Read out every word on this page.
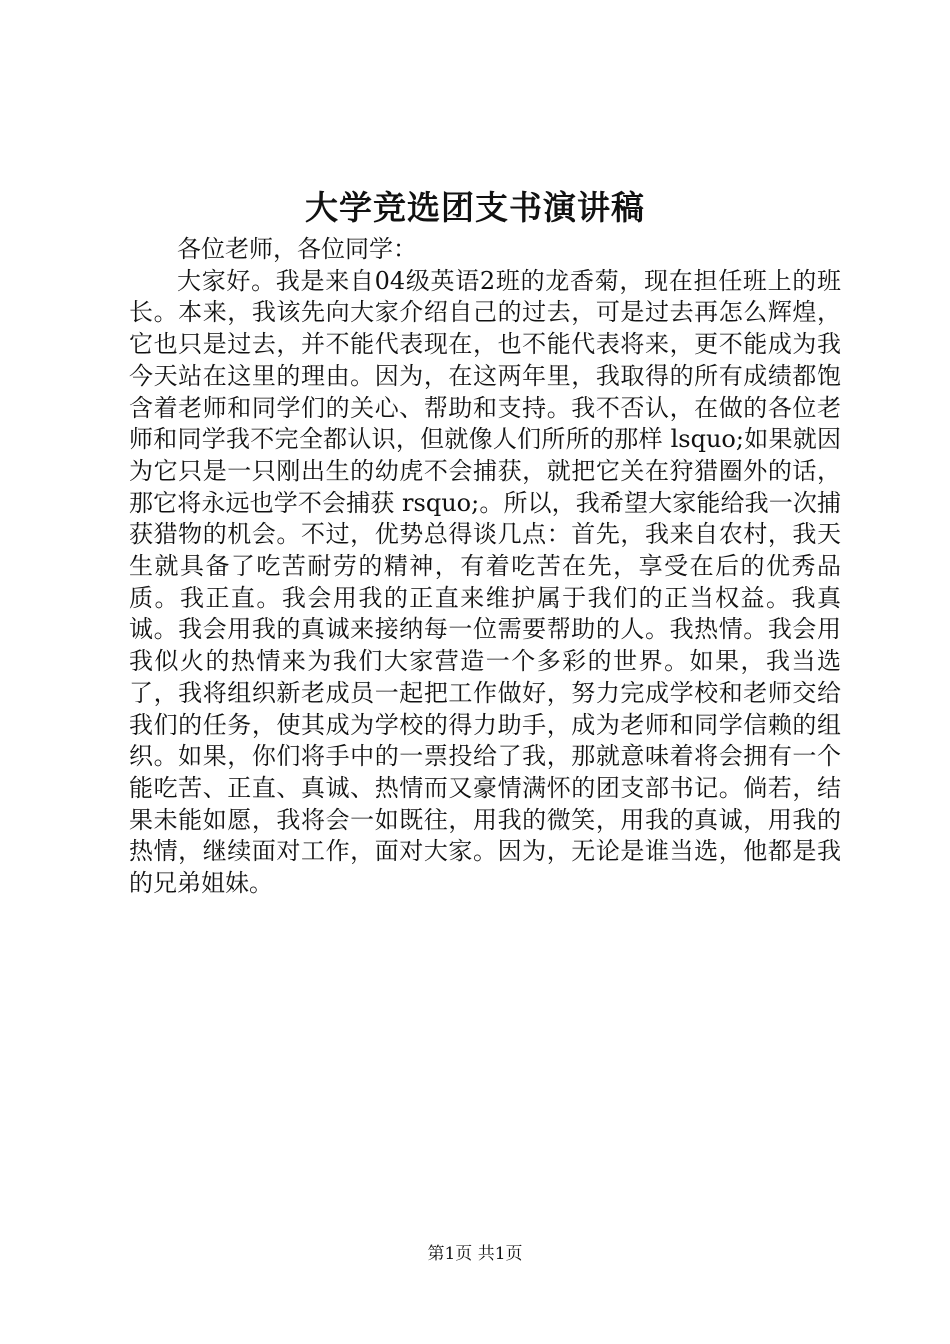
大学竞选团支书演讲稿

各位老师，各位同学：

大家好。我是来自04级英语2班的龙香菊，现在担任班上的班长。本来，我该先向大家介绍自己的过去，可是过去再怎么辉煌，它也只是过去，并不能代表现在，也不能代表将来，更不能成为我今天站在这里的理由。因为，在这两年里，我取得的所有成绩都饱含着老师和同学们的关心、帮助和支持。我不否认，在做的各位老师和同学我不完全都认识，但就像人们所所的那样 lsquo;如果就因为它只是一只刚出生的幼虎不会捕获，就把它关在狩猎圈外的话，那它将永远也学不会捕获 rsquo;。所以，我希望大家能给我一次捕获猎物的机会。不过，优势总得谈几点：首先，我来自农村，我天生就具备了吃苦耐劳的精神，有着吃苦在先，享受在后的优秀品质。我正直。我会用我的正直来维护属于我们的正当权益。我真诚。我会用我的真诚来接纳每一位需要帮助的人。我热情。我会用我似火的热情来为我们大家营造一个多彩的世界。如果，我当选了，我将组织新老成员一起把工作做好，努力完成学校和老师交给我们的任务，使其成为学校的得力助手，成为老师和同学信赖的组织。如果，你们将手中的一票投给了我，那就意味着将会拥有一个能吃苦、正直、真诚、热情而又豪情满怀的团支部书记。倘若，结果未能如愿，我将会一如既往，用我的微笑，用我的真诚，用我的热情，继续面对工作，面对大家。因为，无论是谁当选，他都是我的兄弟姐妹。

第1页 共1页
